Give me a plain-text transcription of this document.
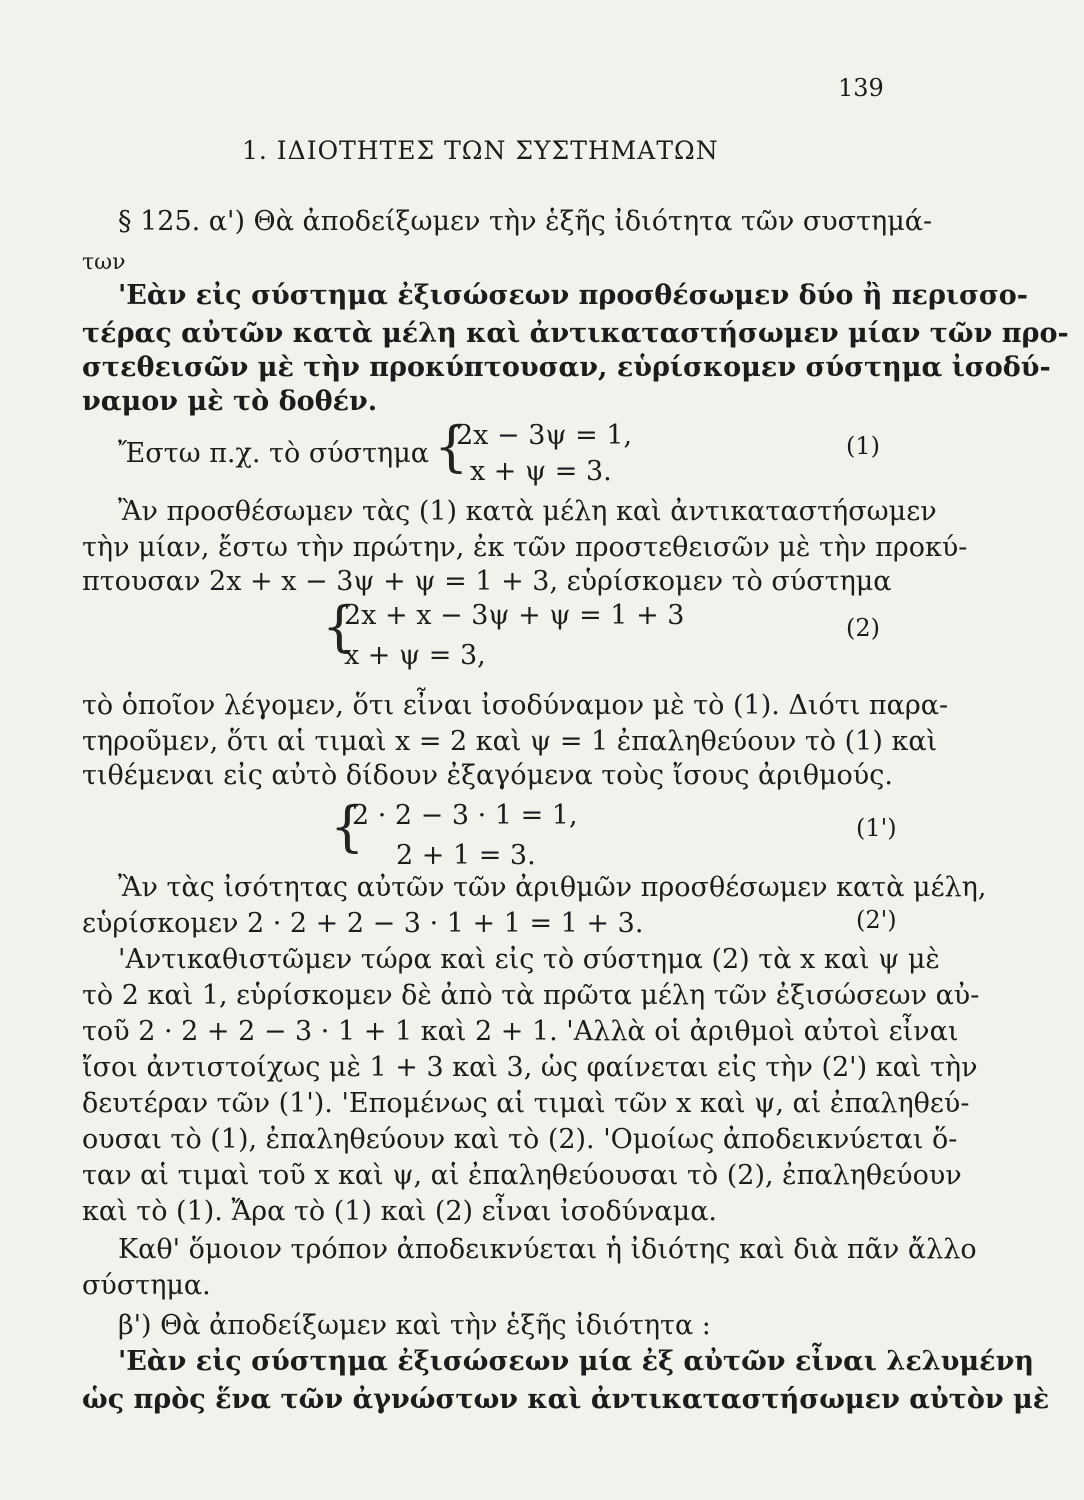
139
1. ΙΔΙΟΤΗΤΕΣ ΤΩΝ ΣΥΣΤΗΜΑΤΩΝ
§ 125. α') Θὰ ἀποδείξωμεν τὴν ἑξῆς ἰδιότητα τῶν συστημά-
των
'Εὰν εἰς σύστημα ἐξισώσεων προσθέσωμεν δύο ἢ περισσο-
τέρας αὐτῶν κατὰ μέλη καὶ ἀντικαταστήσωμεν μίαν τῶν προ-
στεθεισῶν μὲ τὴν προκύπτουσαν, εὑρίσκομεν σύστημα ἰσοδύ-
ναμον μὲ τὸ δοθέν.
Ἔστω π.χ. τὸ σύστημα {
2x − 3ψ = 1,
x + ψ = 3.
(1)
Ἂν προσθέσωμεν τὰς (1) κατὰ μέλη καὶ ἀντικαταστήσωμεν
τὴν μίαν, ἔστω τὴν πρώτην, ἐκ τῶν προστεθεισῶν μὲ τὴν προκύ-
πτουσαν 2x + x − 3ψ + ψ = 1 + 3, εὑρίσκομεν τὸ σύστημα
{
2x + x − 3ψ + ψ = 1 + 3
x + ψ = 3,
(2)
τὸ ὁποῖον λέγομεν, ὅτι εἶναι ἰσοδύναμον μὲ τὸ (1). Διότι παρα-
τηροῦμεν, ὅτι αἱ τιμαὶ x = 2 καὶ ψ = 1 ἐπαληθεύουν τὸ (1) καὶ
τιθέμεναι εἰς αὐτὸ δίδουν ἐξαγόμενα τοὺς ἴσους ἀριθμούς.
{
2 · 2 − 3 · 1 = 1,
2 + 1 = 3.
(1')
Ἂν τὰς ἰσότητας αὐτῶν τῶν ἀριθμῶν προσθέσωμεν κατὰ μέλη,
εὑρίσκομεν 2 · 2 + 2 − 3 · 1 + 1 = 1 + 3.	(2')
'Αντικαθιστῶμεν τώρα καὶ εἰς τὸ σύστημα (2) τὰ x καὶ ψ μὲ
τὸ 2 καὶ 1, εὑρίσκομεν δὲ ἀπὸ τὰ πρῶτα μέλη τῶν ἐξισώσεων αὐ-
τοῦ 2 · 2 + 2 − 3 · 1 + 1 καὶ 2 + 1. 'Αλλὰ οἱ ἀριθμοὶ αὐτοὶ εἶναι
ἴσοι ἀντιστοίχως μὲ 1 + 3 καὶ 3, ὡς φαίνεται εἰς τὴν (2') καὶ τὴν
δευτέραν τῶν (1'). 'Επομένως αἱ τιμαὶ τῶν x καὶ ψ, αἱ ἐπαληθεύ-
ουσαι τὸ (1), ἐπαληθεύουν καὶ τὸ (2). 'Ομοίως ἀποδεικνύεται ὅ-
ταν αἱ τιμαὶ τοῦ x καὶ ψ, αἱ ἐπαληθεύουσαι τὸ (2), ἐπαληθεύουν
καὶ τὸ (1). Ἄρα τὸ (1) καὶ (2) εἶναι ἰσοδύναμα.
Καθ' ὅμοιον τρόπον ἀποδεικνύεται ἡ ἰδιότης καὶ διὰ πᾶν ἄλλο
σύστημα.
β') Θὰ ἀποδείξωμεν καὶ τὴν ἑξῆς ἰδιότητα :
'Εὰν εἰς σύστημα ἐξισώσεων μία ἐξ αὐτῶν εἶναι λελυμένη
ὡς πρὸς ἕνα τῶν ἀγνώστων καὶ ἀντικαταστήσωμεν αὐτὸν μὲ
